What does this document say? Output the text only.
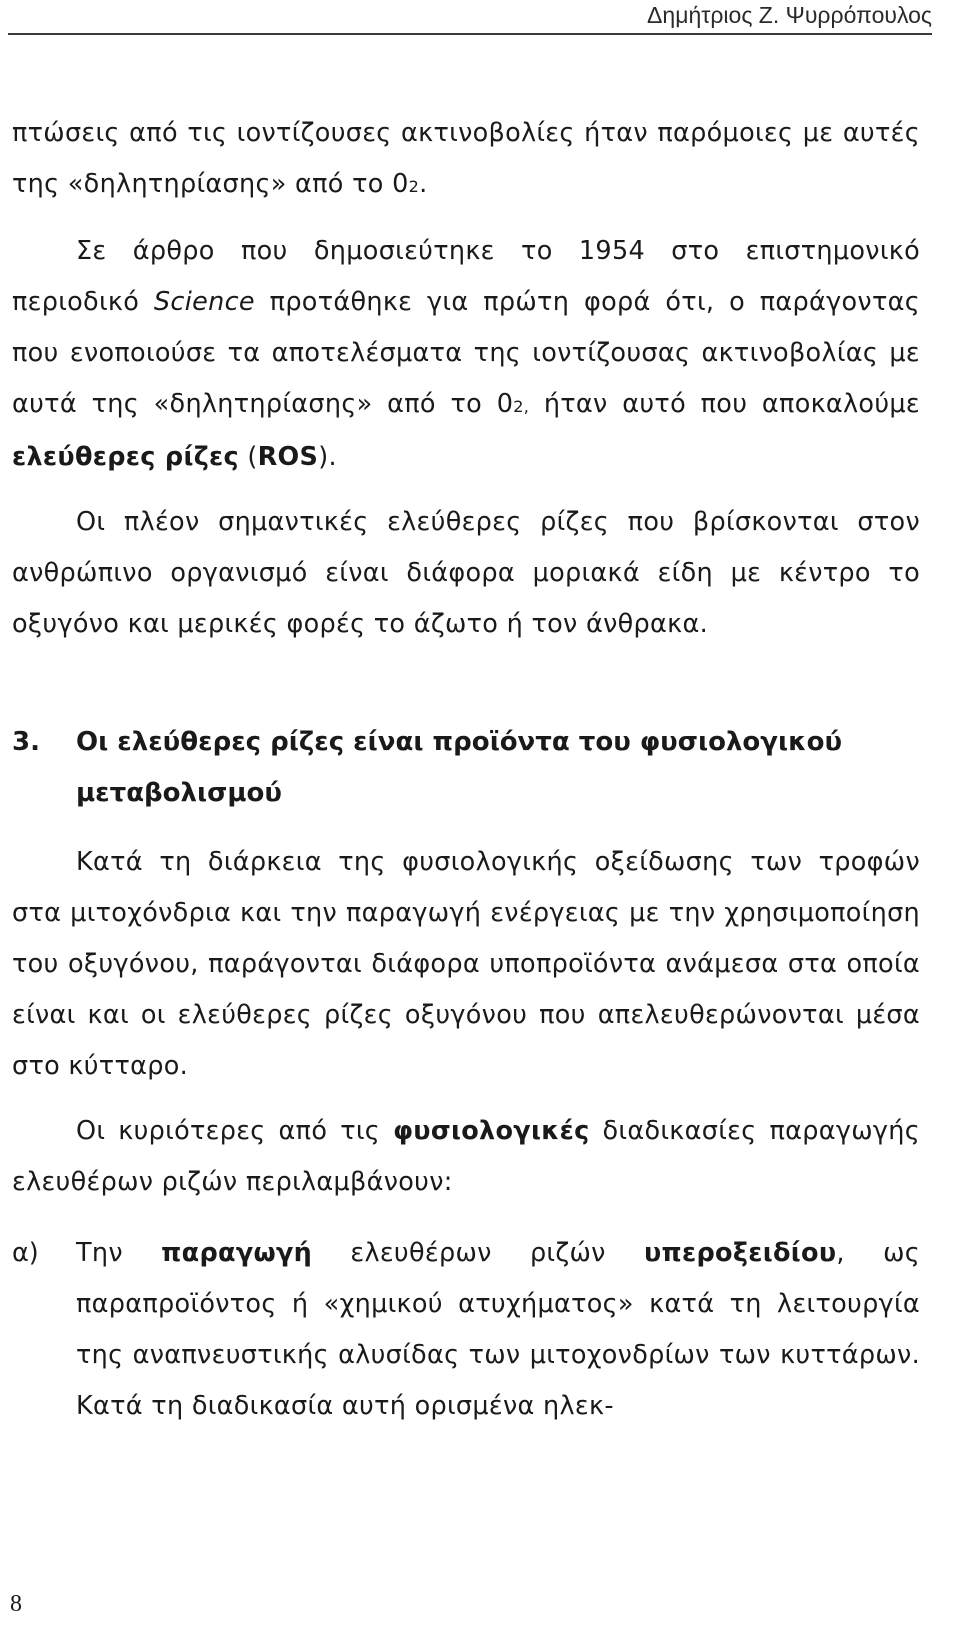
Δημήτριος Ζ. Ψυρρόπουλος

πτώσεις από τις ιοντίζουσες ακτινοβολίες ήταν παρόμοιες με αυτές της «δηλητηρίασης» από το 02.

Σε άρθρο που δημοσιεύτηκε το 1954 στο επιστημονικό περιοδικό Science προτάθηκε για πρώτη φορά ότι, ο παράγοντας που ενοποιούσε τα αποτελέσματα της ιοντίζουσας ακτινοβολίας με αυτά της «δηλητηρίασης» από το 02, ήταν αυτό που αποκαλούμε ελεύθερες ρίζες (ROS).

Οι πλέον σημαντικές ελεύθερες ρίζες που βρίσκονται στον ανθρώπινο οργανισμό είναι διάφορα μοριακά είδη με κέντρο το οξυγόνο και μερικές φορές το άζωτο ή τον άνθρακα.

3.	Οι ελεύθερες ρίζες είναι προϊόντα του φυσιολογικού μεταβολισμού

Κατά τη διάρκεια της φυσιολογικής οξείδωσης των τροφών στα μιτοχόνδρια και την παραγωγή ενέργειας με την χρησιμοποίηση του οξυγόνου, παράγονται διάφορα υποπροϊόντα ανάμεσα στα οποία είναι και οι ελεύθερες ρίζες οξυγόνου που απελευθερώνονται μέσα στο κύτταρο.

Οι κυριότερες από τις φυσιολογικές διαδικασίες παραγωγής ελευθέρων ριζών περιλαμβάνουν:

α)	Την παραγωγή ελευθέρων ριζών υπεροξειδίου, ως παραπροϊόντος ή «χημικού ατυχήματος» κατά τη λειτουργία της αναπνευστικής αλυσίδας των μιτοχονδρίων των κυττάρων. Κατά τη διαδικασία αυτή ορισμένα ηλεκ-
8
